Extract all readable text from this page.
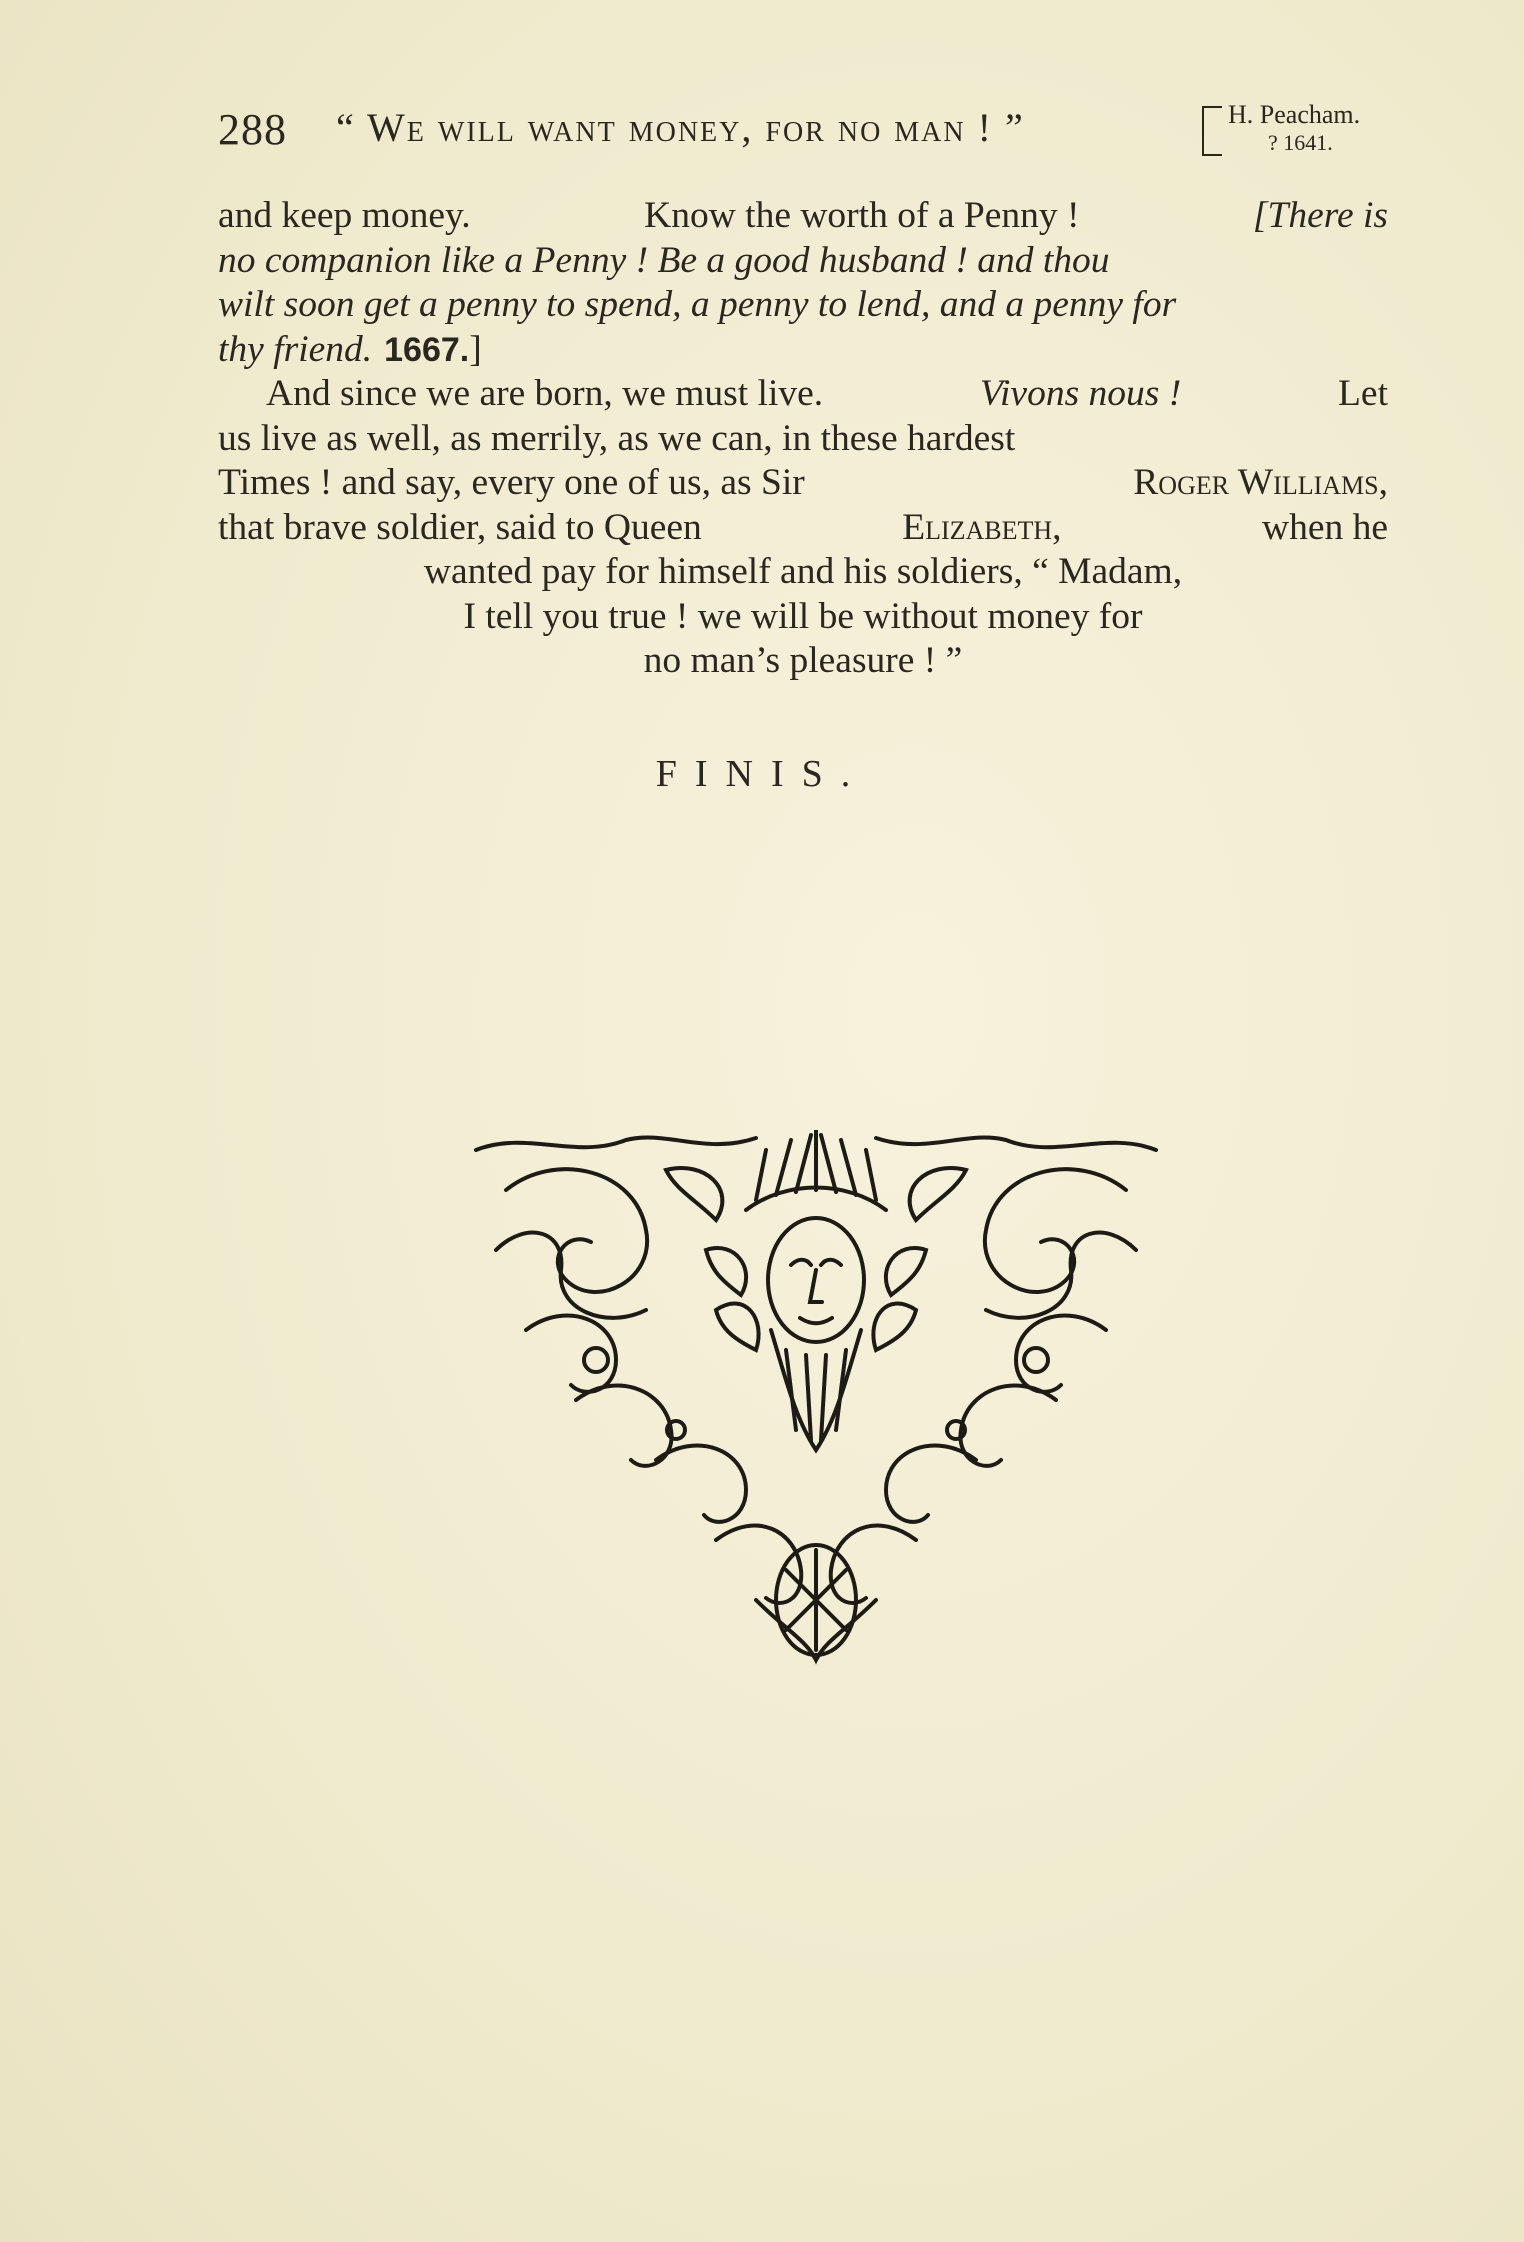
288 “ We will want money, for no man ! ”	H. Peacham.
? 1641.
and keep money.	Know the worth of a Penny !	[There is
no companion like a Penny ! Be a good husband ! and thou
wilt soon get a penny to spend, a penny to lend, and a penny for
thy friend. 1667.]
And since we are born, we must live.	Vivons nous !	Let
us live as well, as merrily, as we can, in these hardest
Times ! and say, every one of us, as Sir	Roger Williams,
that brave soldier, said to Queen	Elizabeth,	when he
wanted pay for himself and his soldiers, “ Madam,
I tell you true ! we will be without money for
no man’s pleasure ! ”
FINIS.
